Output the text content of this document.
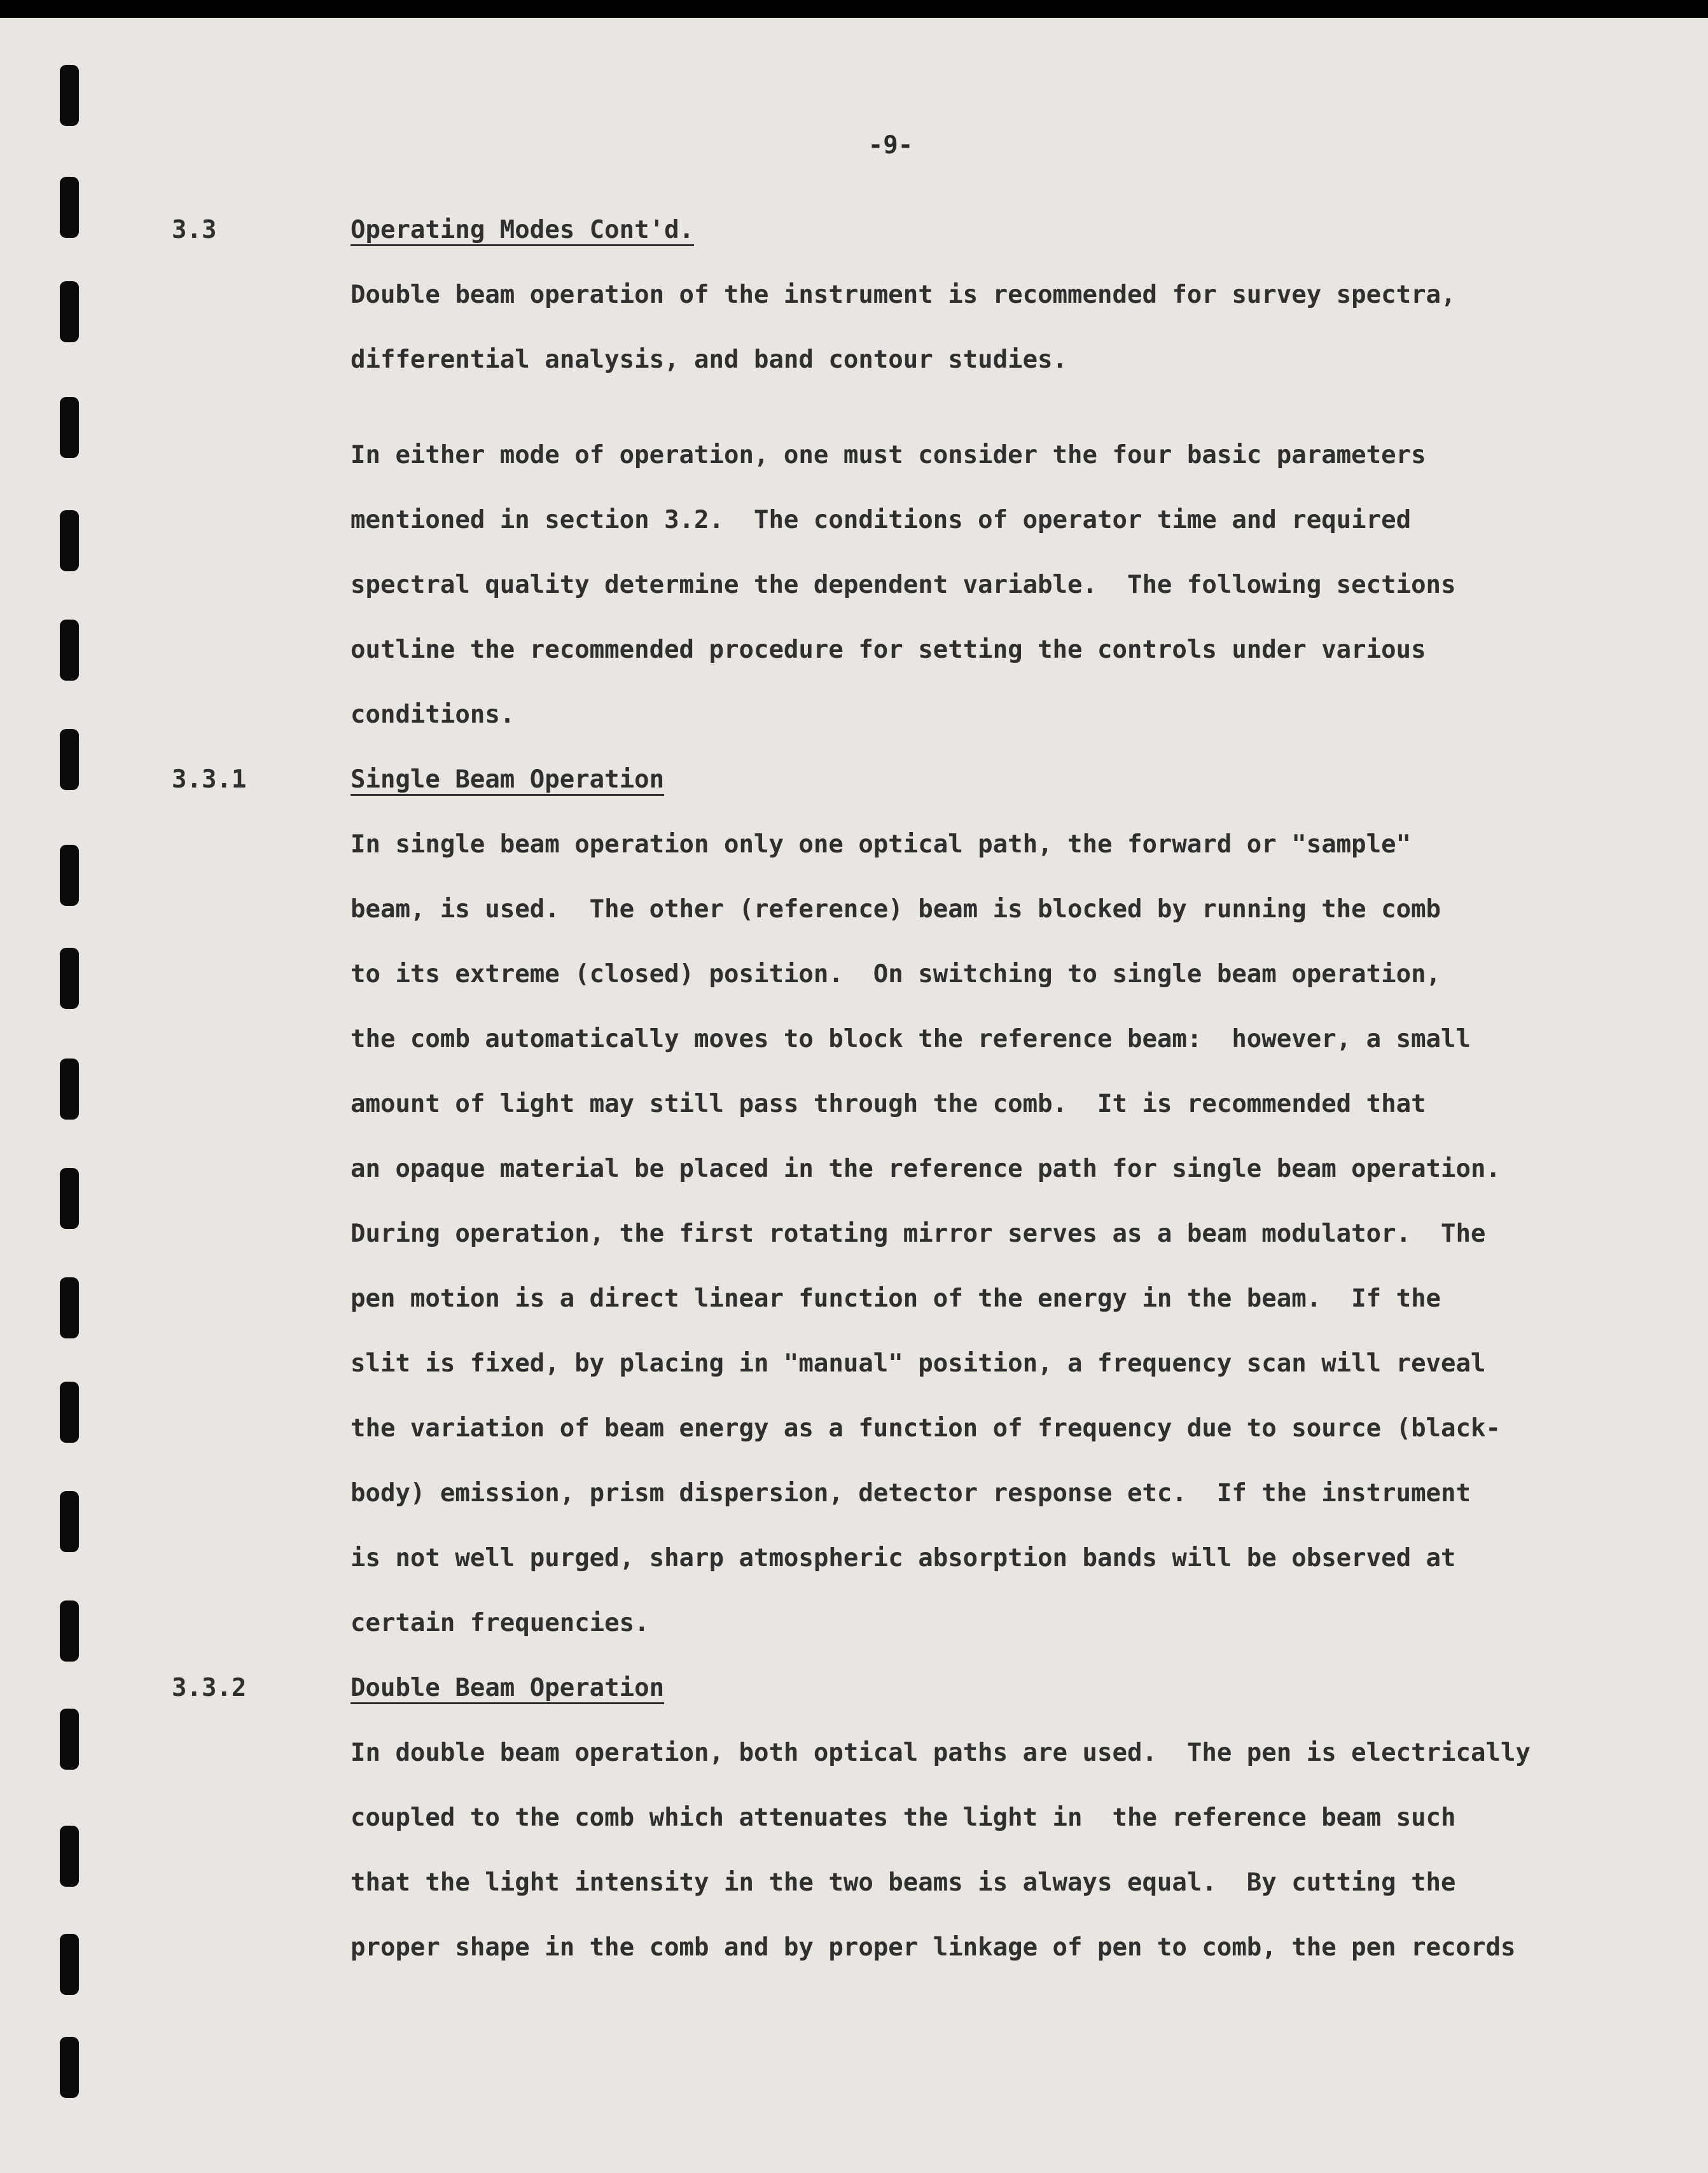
-9-
3.3	Operating Modes Cont'd.
Double beam operation of the instrument is recommended for survey spectra,
differential analysis, and band contour studies.
In either mode of operation, one must consider the four basic parameters
mentioned in section 3.2.  The conditions of operator time and required
spectral quality determine the dependent variable.  The following sections
outline the recommended procedure for setting the controls under various
conditions.
3.3.1	Single Beam Operation
In single beam operation only one optical path, the forward or "sample"
beam, is used.  The other (reference) beam is blocked by running the comb
to its extreme (closed) position.  On switching to single beam operation,
the comb automatically moves to block the reference beam:  however, a small
amount of light may still pass through the comb.  It is recommended that
an opaque material be placed in the reference path for single beam operation.
During operation, the first rotating mirror serves as a beam modulator.  The
pen motion is a direct linear function of the energy in the beam.  If the
slit is fixed, by placing in "manual" position, a frequency scan will reveal
the variation of beam energy as a function of frequency due to source (black-
body) emission, prism dispersion, detector response etc.  If the instrument
is not well purged, sharp atmospheric absorption bands will be observed at
certain frequencies.
3.3.2	Double Beam Operation
In double beam operation, both optical paths are used.  The pen is electrically
coupled to the comb which attenuates the light in  the reference beam such
that the light intensity in the two beams is always equal.  By cutting the
proper shape in the comb and by proper linkage of pen to comb, the pen records
